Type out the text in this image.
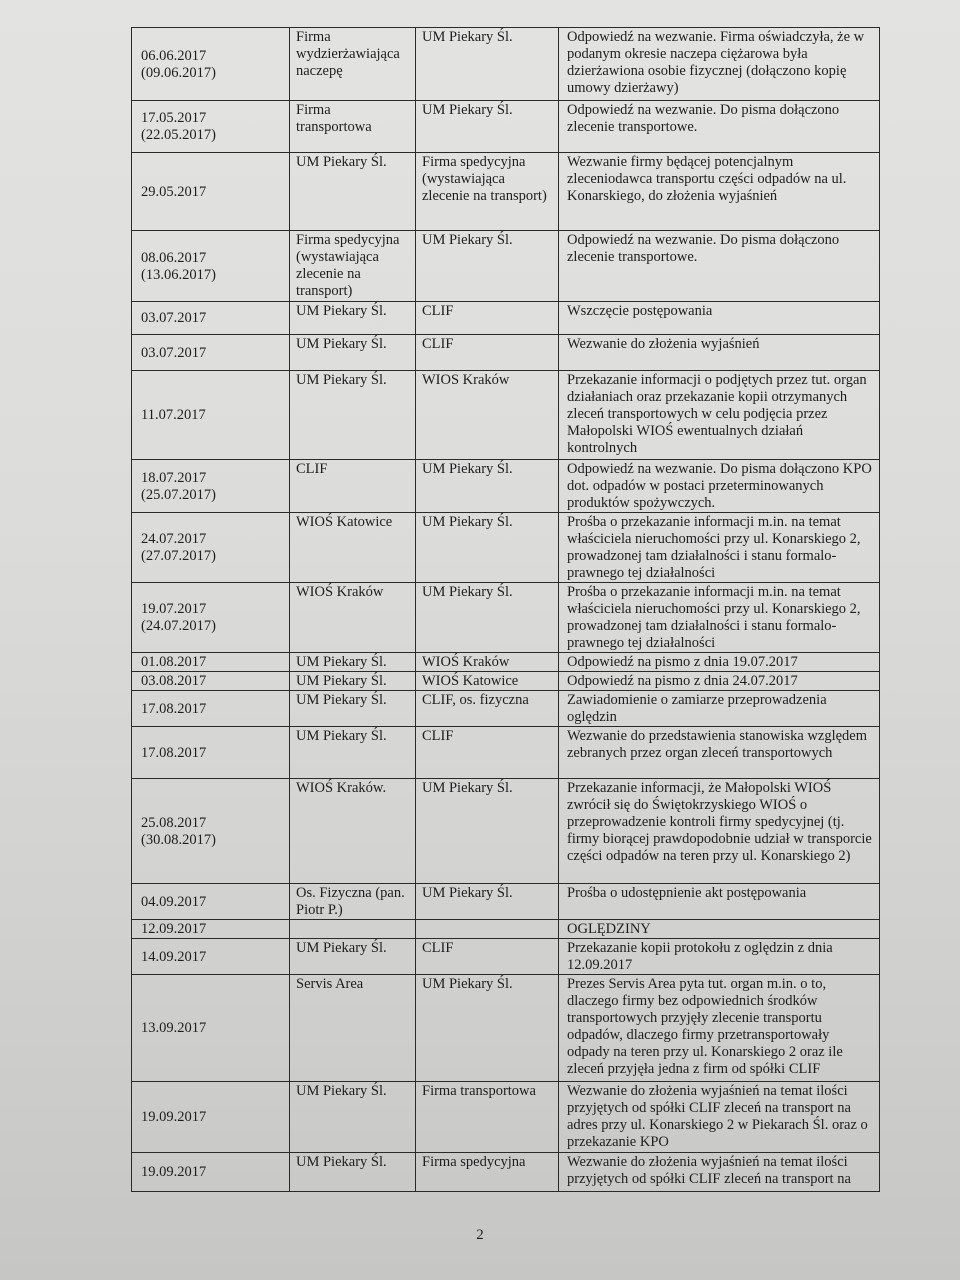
06.06.2017
(09.06.2017)	Firma wydzierżawiająca naczepę	UM Piekary Śl.	Odpowiedź na wezwanie. Firma oświadczyła, że w podanym okresie naczepa ciężarowa była dzierżawiona osobie fizycznej (dołączono kopię umowy dzierżawy)
17.05.2017
(22.05.2017)	Firma transportowa	UM Piekary Śl.	Odpowiedź na wezwanie. Do pisma dołączono zlecenie transportowe.
29.05.2017	UM Piekary Śl.	Firma spedycyjna (wystawiająca zlecenie na transport)	Wezwanie firmy będącej potencjalnym zleceniodawca transportu części odpadów na ul. Konarskiego, do złożenia wyjaśnień
08.06.2017
(13.06.2017)	Firma spedycyjna (wystawiająca zlecenie na transport)	UM Piekary Śl.	Odpowiedź na wezwanie. Do pisma dołączono zlecenie transportowe.
03.07.2017	UM Piekary Śl.	CLIF	Wszczęcie postępowania
03.07.2017	UM Piekary Śl.	CLIF	Wezwanie do złożenia wyjaśnień
11.07.2017	UM Piekary Śl.	WIOS Kraków	Przekazanie informacji o podjętych przez tut. organ działaniach oraz przekazanie kopii otrzymanych zleceń transportowych w celu podjęcia przez Małopolski WIOŚ ewentualnych działań kontrolnych
18.07.2017
(25.07.2017)	CLIF	UM Piekary Śl.	Odpowiedź na wezwanie. Do pisma dołączono KPO dot. odpadów w postaci przeterminowanych produktów spożywczych.
24.07.2017
(27.07.2017)	WIOŚ Katowice	UM Piekary Śl.	Prośba o przekazanie informacji m.in. na temat właściciela nieruchomości przy ul. Konarskiego 2, prowadzonej tam działalności i stanu formalo-prawnego tej działalności
19.07.2017
(24.07.2017)	WIOŚ Kraków	UM Piekary Śl.	Prośba o przekazanie informacji m.in. na temat właściciela nieruchomości przy ul. Konarskiego 2, prowadzonej tam działalności i stanu formalo-prawnego tej działalności
01.08.2017	UM Piekary Śl.	WIOŚ Kraków	Odpowiedź na pismo z dnia 19.07.2017
03.08.2017	UM Piekary Śl.	WIOŚ Katowice	Odpowiedź na pismo z dnia 24.07.2017
17.08.2017	UM Piekary Śl.	CLIF, os. fizyczna	Zawiadomienie o zamiarze przeprowadzenia oględzin
17.08.2017	UM Piekary Śl.	CLIF	Wezwanie do przedstawienia stanowiska względem zebranych przez organ zleceń transportowych
25.08.2017
(30.08.2017)	WIOŚ Kraków.	UM Piekary Śl.	Przekazanie informacji, że Małopolski WIOŚ zwrócił się do Świętokrzyskiego WIOŚ o przeprowadzenie kontroli firmy spedycyjnej (tj. firmy biorącej prawdopodobnie udział w transporcie części odpadów na teren przy ul. Konarskiego 2)
04.09.2017	Os. Fizyczna (pan. Piotr P.)	UM Piekary Śl.	Prośba o udostępnienie akt postępowania
12.09.2017			OGLĘDZINY
14.09.2017	UM Piekary Śl.	CLIF	Przekazanie kopii protokołu z oględzin z dnia 12.09.2017
13.09.2017	Servis Area	UM Piekary Śl.	Prezes Servis Area pyta tut. organ m.in. o to, dlaczego firmy bez odpowiednich środków transportowych przyjęły zlecenie transportu odpadów, dlaczego firmy przetransportowały odpady na teren przy ul. Konarskiego 2 oraz ile zleceń przyjęła jedna z firm od spółki CLIF
19.09.2017	UM Piekary Śl.	Firma transportowa	Wezwanie do złożenia wyjaśnień na temat ilości przyjętych od spółki CLIF zleceń na transport na adres przy ul. Konarskiego 2 w Piekarach Śl. oraz o przekazanie KPO
19.09.2017	UM Piekary Śl.	Firma spedycyjna	Wezwanie do złożenia wyjaśnień na temat ilości przyjętych od spółki CLIF zleceń na transport na
2
